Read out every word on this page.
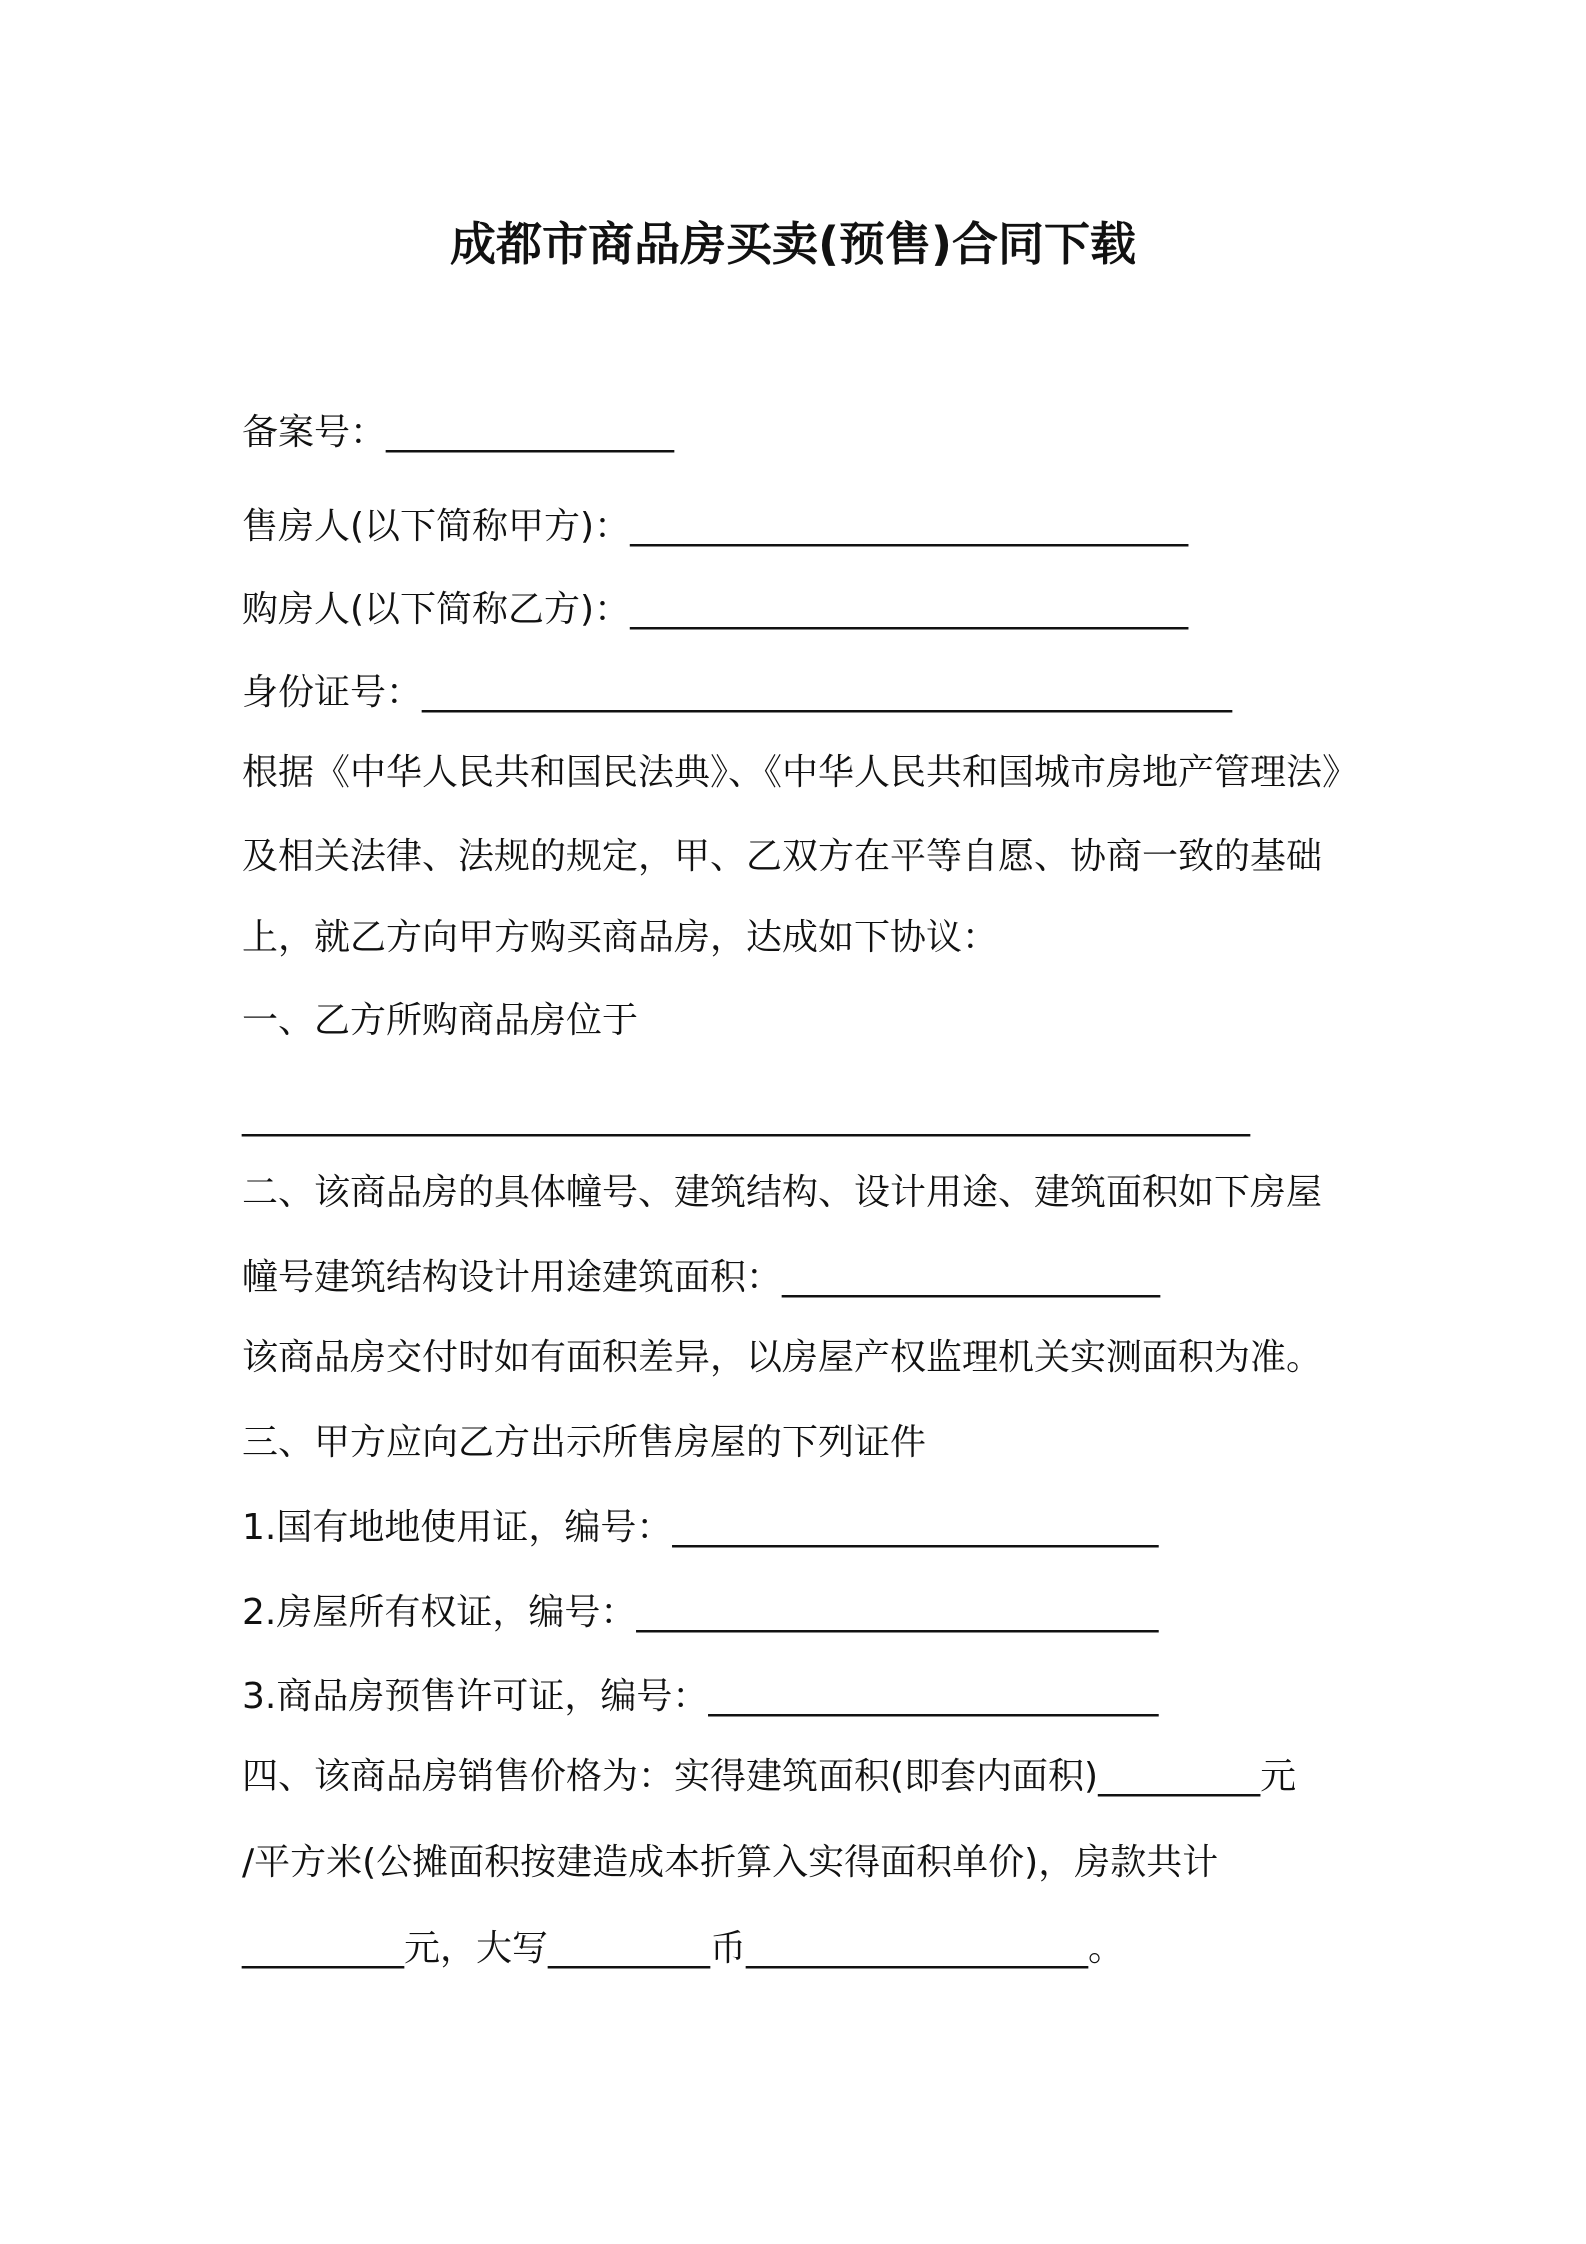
成都市商品房买卖(预售)合同下载
备案号：________________
售房人(以下简称甲方)：_______________________________
购房人(以下简称乙方)：_______________________________
身份证号：_____________________________________________
根据《中华人民共和国民法典》、《中华人民共和国城市房地产管理法》
及相关法律、法规的规定，甲、乙双方在平等自愿、协商一致的基础
上，就乙方向甲方购买商品房，达成如下协议：
一、乙方所购商品房位于
________________________________________________________
二、该商品房的具体幢号、建筑结构、设计用途、建筑面积如下房屋
幢号建筑结构设计用途建筑面积：_____________________
该商品房交付时如有面积差异，以房屋产权监理机关实测面积为准。
三、甲方应向乙方出示所售房屋的下列证件
1.国有地地使用证，编号：___________________________
2.房屋所有权证，编号：_____________________________
3.商品房预售许可证，编号：_________________________
四、该商品房销售价格为：实得建筑面积(即套内面积)_________元
/平方米(公摊面积按建造成本折算入实得面积单价)，房款共计
_________元，大写_________币___________________。
